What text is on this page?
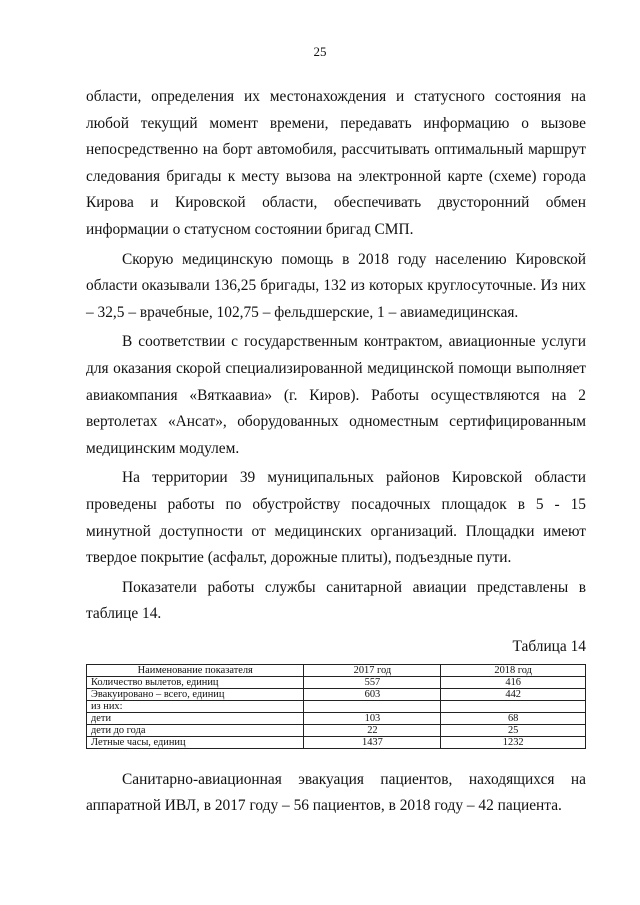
25

области, определения их местонахождения и статусного состояния на любой текущий момент времени, передавать информацию о вызове непосредственно на борт автомобиля, рассчитывать оптимальный маршрут следования бригады к месту вызова на электронной карте (схеме) города Кирова и Кировской области, обеспечивать двусторонний обмен информации о статусном состоянии бригад СМП.

Скорую медицинскую помощь в 2018 году населению Кировской области оказывали 136,25 бригады, 132 из которых круглосуточные. Из них – 32,5 – врачебные, 102,75 – фельдшерские, 1 – авиамедицинская.

В соответствии с государственным контрактом, авиационные услуги для оказания скорой специализированной медицинской помощи выполняет авиакомпания «Вяткаавиа» (г. Киров). Работы осуществляются на 2 вертолетах «Ансат», оборудованных одноместным сертифицированным медицинским модулем.

На территории 39 муниципальных районов Кировской области проведены работы по обустройству посадочных площадок в 5 - 15 минутной доступности от медицинских организаций. Площадки имеют твердое покрытие (асфальт, дорожные плиты), подъездные пути.

Показатели работы службы санитарной авиации представлены в таблице 14.

Таблица 14
Наименование показателя	2017 год	2018 год
Количество вылетов, единиц	557	416
Эвакуировано – всего, единиц	603	442
из них:		
дети	103	68
дети до года	22	25
Летные часы, единиц	1437	1232

Санитарно-авиационная эвакуация пациентов, находящихся на аппаратной ИВЛ, в 2017 году – 56 пациентов, в 2018 году – 42 пациента.
